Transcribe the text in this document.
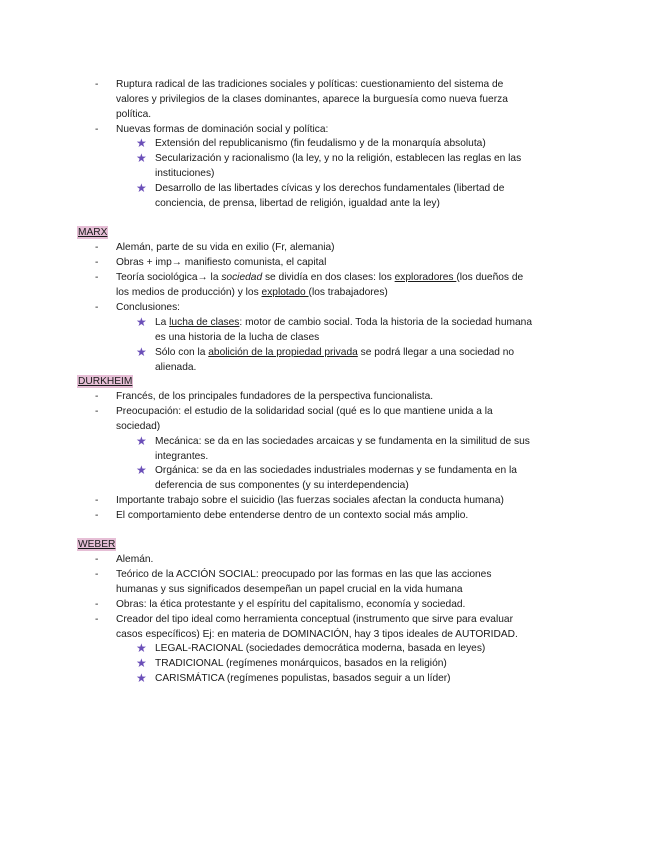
- Ruptura radical de las tradiciones sociales y políticas: cuestionamiento del sistema de
valores y privilegios de la clases dominantes, aparece la burguesía como nueva fuerza
política.
- Nuevas formas de dominación social y política:
★ Extensión del republicanismo (fin feudalismo y de la monarquía absoluta)
★ Secularización y racionalismo (la ley, y no la religión, establecen las reglas en las
instituciones)
★ Desarrollo de las libertades cívicas y los derechos fundamentales (libertad de
conciencia, de prensa, libertad de religión, igualdad ante la ley)
MARX
- Alemán, parte de su vida en exilio (Fr, alemania)
- Obras + imp→ manifiesto comunista, el capital
- Teoría sociológica→ la sociedad se dividía en dos clases: los exploradores (los dueños de
los medios de producción) y los explotado (los trabajadores)
- Conclusiones:
★ La lucha de clases: motor de cambio social. Toda la historia de la sociedad humana
es una historia de la lucha de clases
★ Sólo con la abolición de la propiedad privada se podrá llegar a una sociedad no
alienada.
DURKHEIM
- Francés, de los principales fundadores de la perspectiva funcionalista.
- Preocupación: el estudio de la solidaridad social (qué es lo que mantiene unida a la
sociedad)
★ Mecánica: se da en las sociedades arcaicas y se fundamenta en la similitud de sus
integrantes.
★ Orgánica: se da en las sociedades industriales modernas y se fundamenta en la
deferencia de sus componentes (y su interdependencia)
- Importante trabajo sobre el suicidio (las fuerzas sociales afectan la conducta humana)
- El comportamiento debe entenderse dentro de un contexto social más amplio.
WEBER
- Alemán.
- Teórico de la ACCIÓN SOCIAL: preocupado por las formas en las que las acciones
humanas y sus significados desempeñan un papel crucial en la vida humana
- Obras: la ética protestante y el espíritu del capitalismo, economía y sociedad.
- Creador del tipo ideal como herramienta conceptual (instrumento que sirve para evaluar
casos específicos) Ej: en materia de DOMINACIÓN, hay 3 tipos ideales de AUTORIDAD.
★ LEGAL-RACIONAL (sociedades democrática moderna, basada en leyes)
★ TRADICIONAL (regímenes monárquicos, basados en la religión)
★ CARISMÁTICA (regímenes populistas, basados seguir a un líder)
